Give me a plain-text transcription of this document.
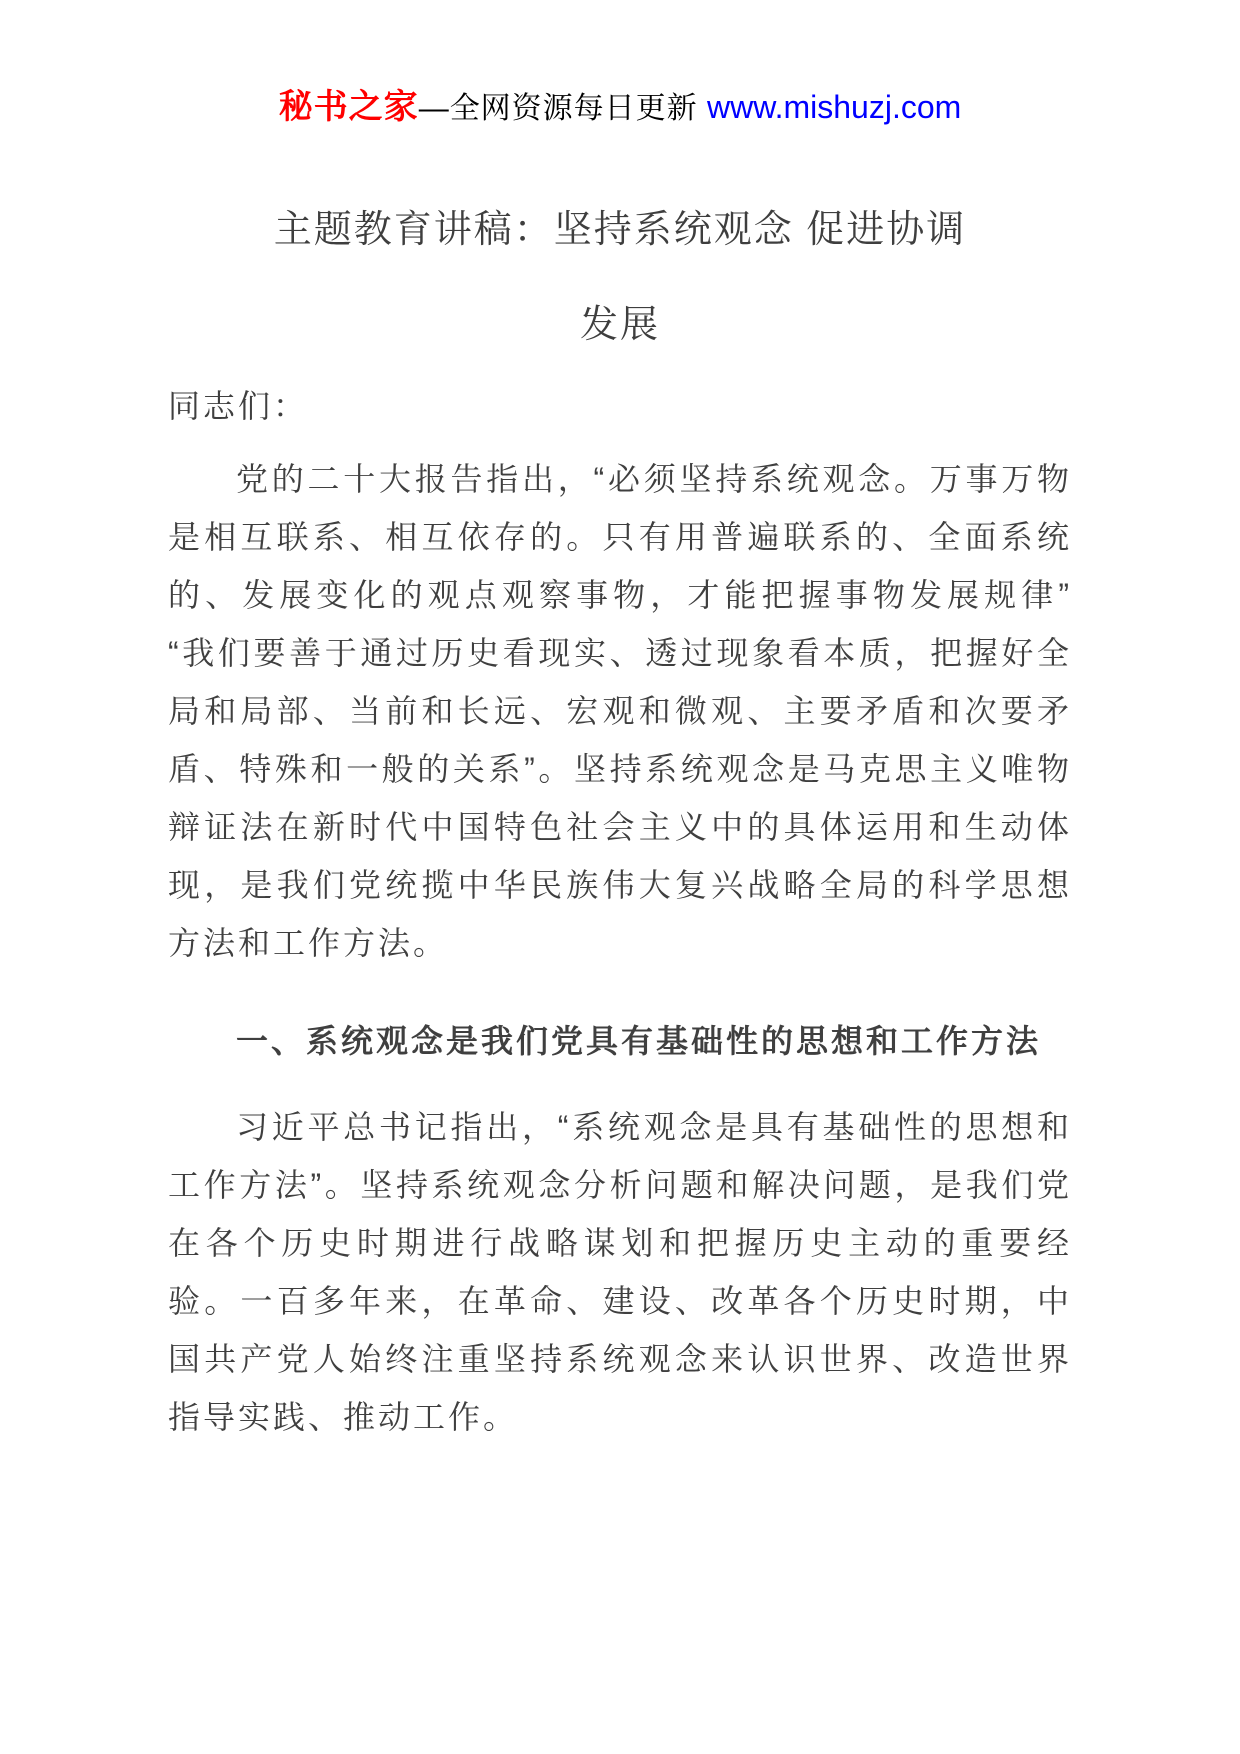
秘书之家—全网资源每日更新 www.mishuzj.com
主题教育讲稿：坚持系统观念 促进协调
发展

同志们：

党的二十大报告指出，“必须坚持系统观念。万事万物是相互联系、相互依存的。只有用普遍联系的、全面系统的、发展变化的观点观察事物，才能把握事物发展规律” “我们要善于通过历史看现实、透过现象看本质，把握好全局和局部、当前和长远、宏观和微观、主要矛盾和次要矛盾、特殊和一般的关系”。坚持系统观念是马克思主义唯物辩证法在新时代中国特色社会主义中的具体运用和生动体现，是我们党统揽中华民族伟大复兴战略全局的科学思想方法和工作方法。

一、系统观念是我们党具有基础性的思想和工作方法

习近平总书记指出，“系统观念是具有基础性的思想和工作方法”。坚持系统观念分析问题和解决问题，是我们党在各个历史时期进行战略谋划和把握历史主动的重要经验。一百多年来，在革命、建设、改革各个历史时期，中国共产党人始终注重坚持系统观念来认识世界、改造世界指导实践、推动工作。
